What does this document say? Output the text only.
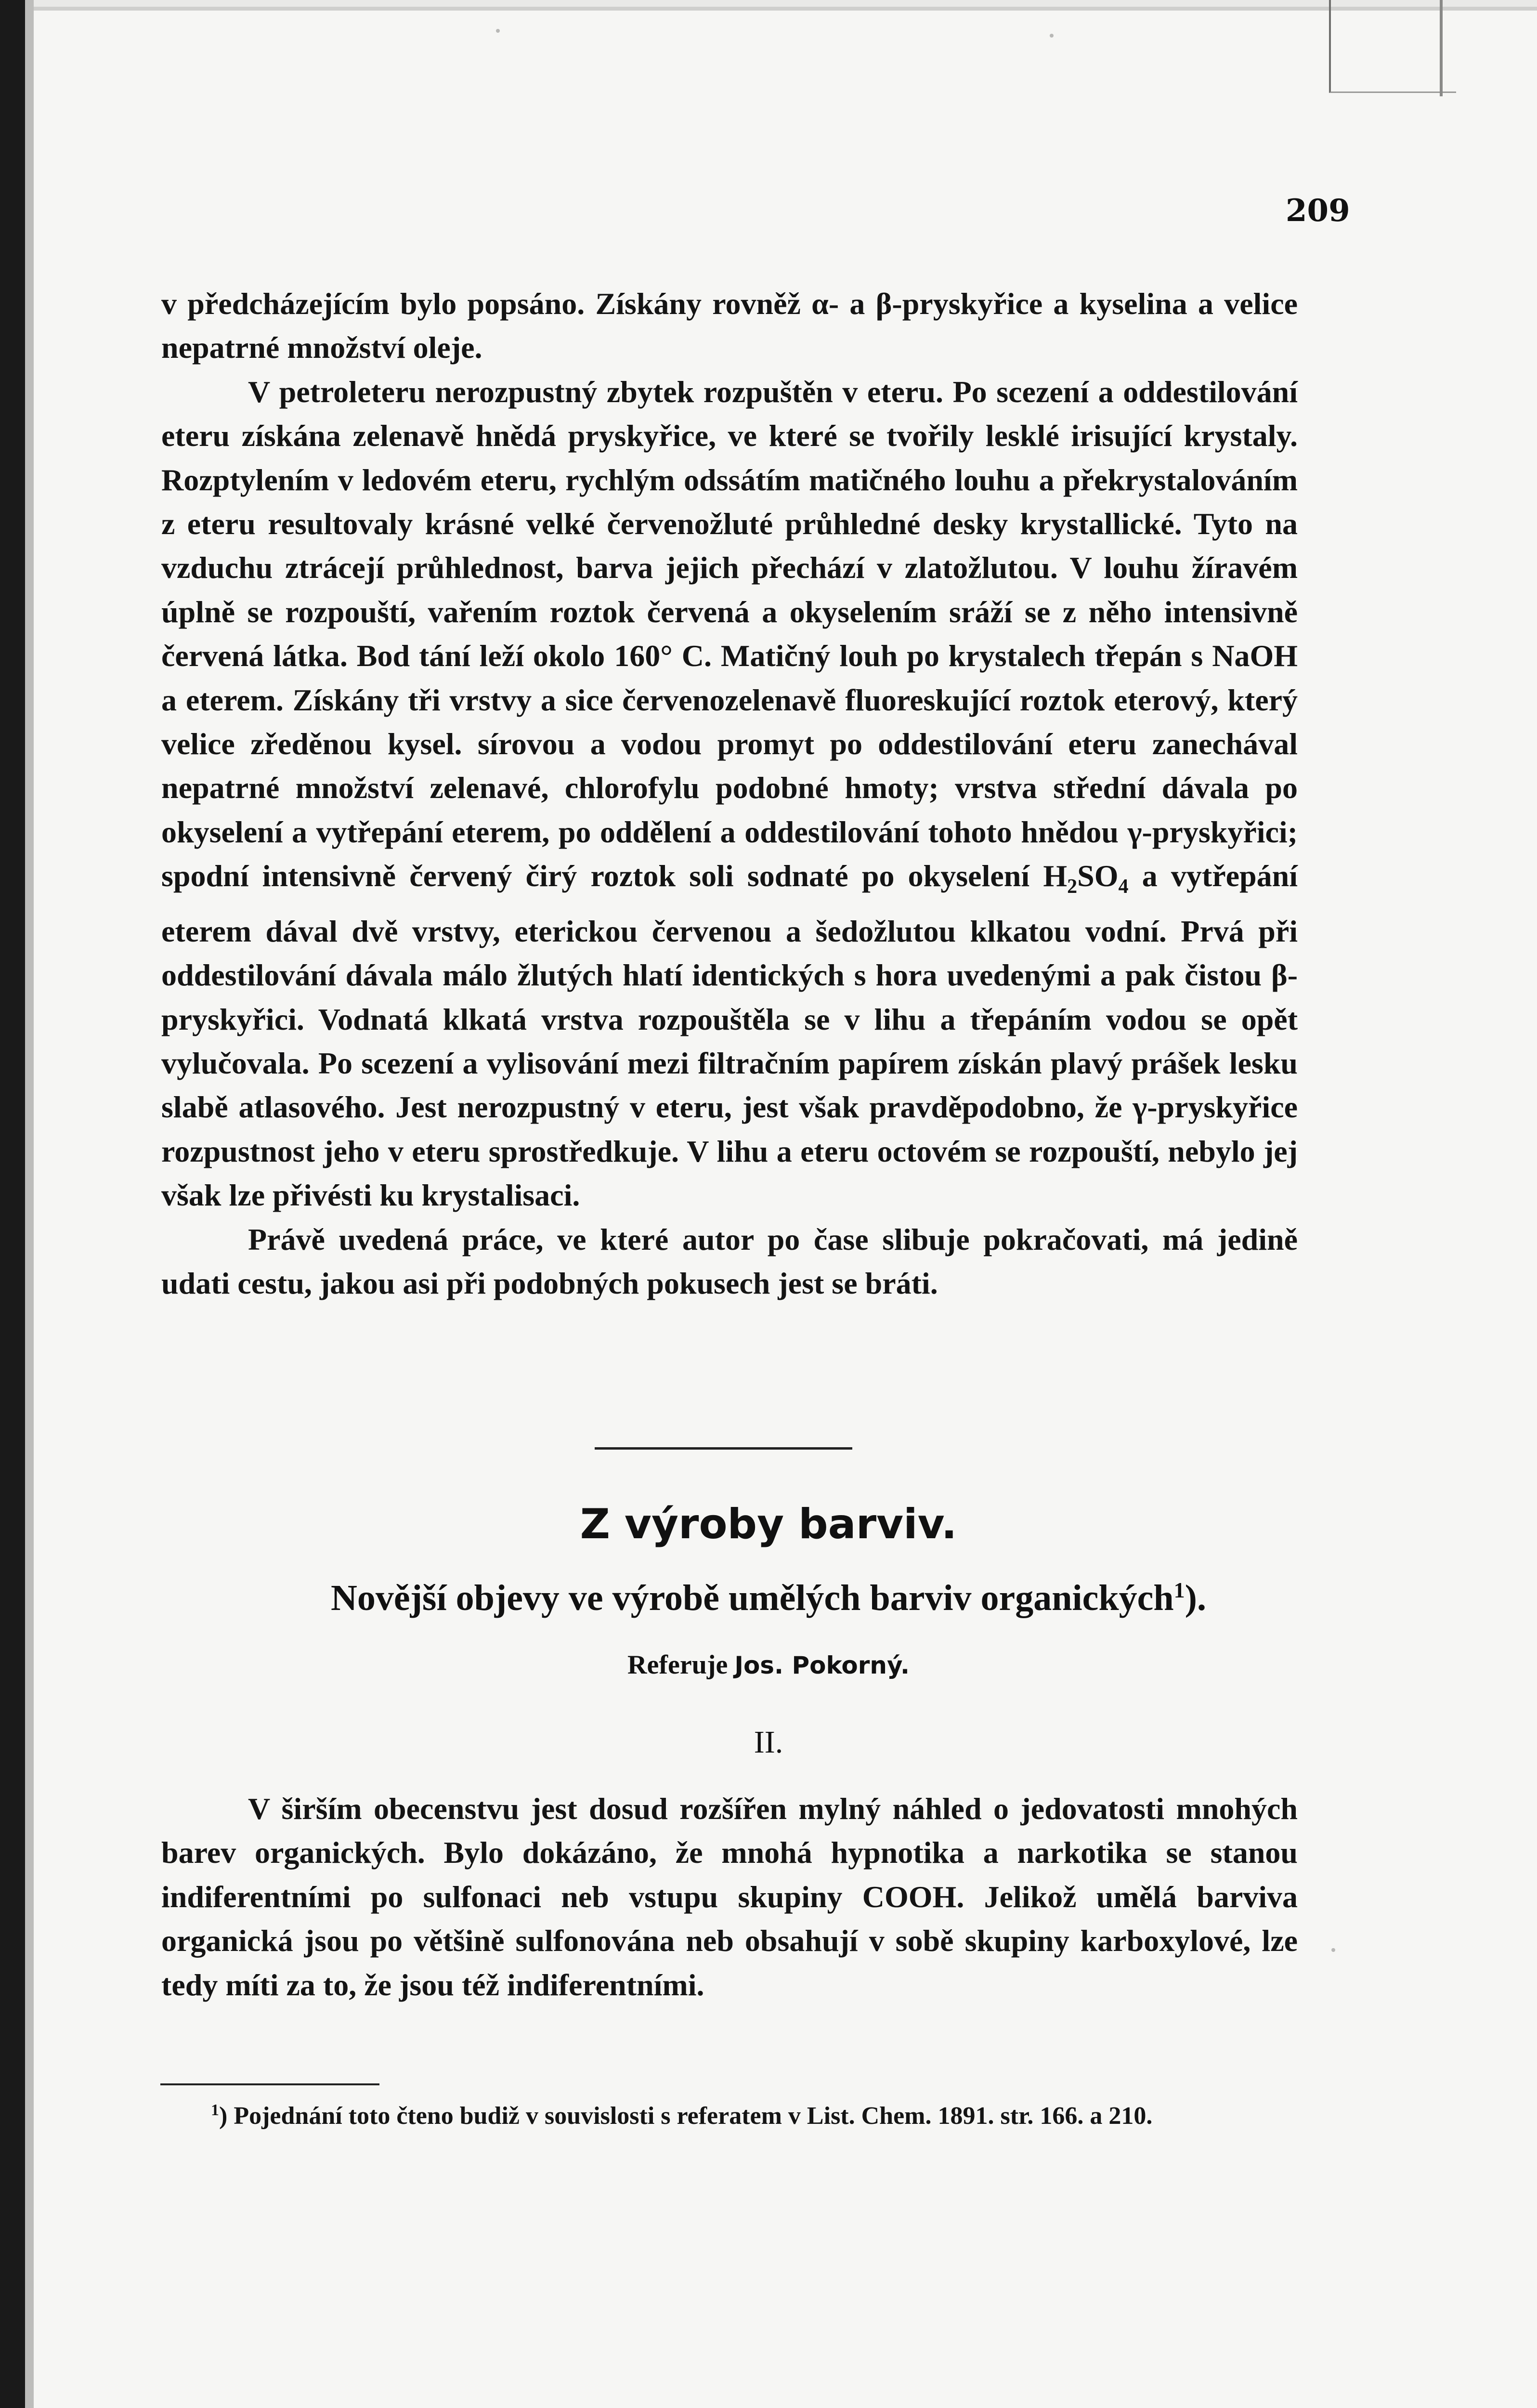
209

v předcházejícím bylo popsáno. Získány rovněž α- a β-pryskyřice a kyselina a velice nepatrné množství oleje.

V petroleteru nerozpustný zbytek rozpuštěn v eteru. Po scezení a oddestilování eteru získána zelenavě hnědá pryskyřice, ve které se tvořily lesklé irisující krystaly. Rozptylením v ledovém eteru, rychlým odssátím matičného louhu a překrystalováním z eteru resultovaly krásné velké červenožluté průhledné desky krystallické. Tyto na vzduchu ztrácejí průhlednost, barva jejich přechází v zlatožlutou. V louhu žíravém úplně se rozpouští, vařením roztok červená a okyselením sráží se z něho intensivně červená látka. Bod tání leží okolo 160° C. Matičný louh po krystalech třepán s NaOH a eterem. Získány tři vrstvy a sice červenozelenavě fluoreskující roztok eterový, který velice zředěnou kysel. sírovou a vodou promyt po oddestilování eteru zanechával nepatrné množství zelenavé, chlorofylu podobné hmoty; vrstva střední dávala po okyselení a vytřepání eterem, po oddělení a oddestilování tohoto hnědou γ-pryskyřici; spodní intensivně červený čirý roztok soli sodnaté po okyselení $H_2SO_4$ a vytřepání eterem dával dvě vrstvy, eterickou červenou a šedožlutou klkatou vodní. Prvá při oddestilování dávala málo žlutých hlatí identických s hora uvedenými a pak čistou β-pryskyřici. Vodnatá klkatá vrstva rozpouštěla se v lihu a třepáním vodou se opět vylučovala. Po scezení a vylisování mezi filtračním papírem získán plavý prášek lesku slabě atlasového. Jest nerozpustný v eteru, jest však pravděpodobno, že γ-pryskyřice rozpustnost jeho v eteru sprostředkuje. V lihu a eteru octovém se rozpouští, nebylo jej však lze přivésti ku krystalisaci.

Právě uvedená práce, ve které autor po čase slibuje pokračovati, má jedině udati cestu, jakou asi při podobných pokusech jest se bráti.

Z výroby barviv.
Novější objevy ve výrobě umělých barviv organických$^1$).
Referuje Jos. Pokorný.
II.

V širším obecenstvu jest dosud rozšířen mylný náhled o jedovatosti mnohých barev organických. Bylo dokázáno, že mnohá hypnotika a narkotika se stanou indiferentními po sulfonaci neb vstupu skupiny COOH. Jelikož umělá barviva organická jsou po většině sulfonována neb obsahují v sobě skupiny karboxylové, lze tedy míti za to, že jsou též indiferentními.

$^1$) Pojednání toto čteno budiž v souvislosti s referatem v List. Chem. 1891. str. 166. a 210.
